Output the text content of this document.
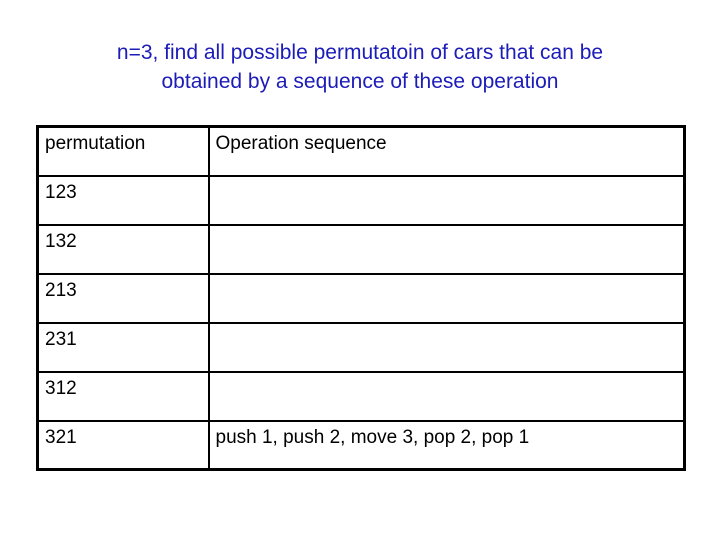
n=3, find all possible permutatoin of cars that can be
obtained by a sequence of these operation
permutation	Operation sequence
123	
132	
213	
231	
312	
321	push 1, push 2, move 3, pop 2, pop 1
